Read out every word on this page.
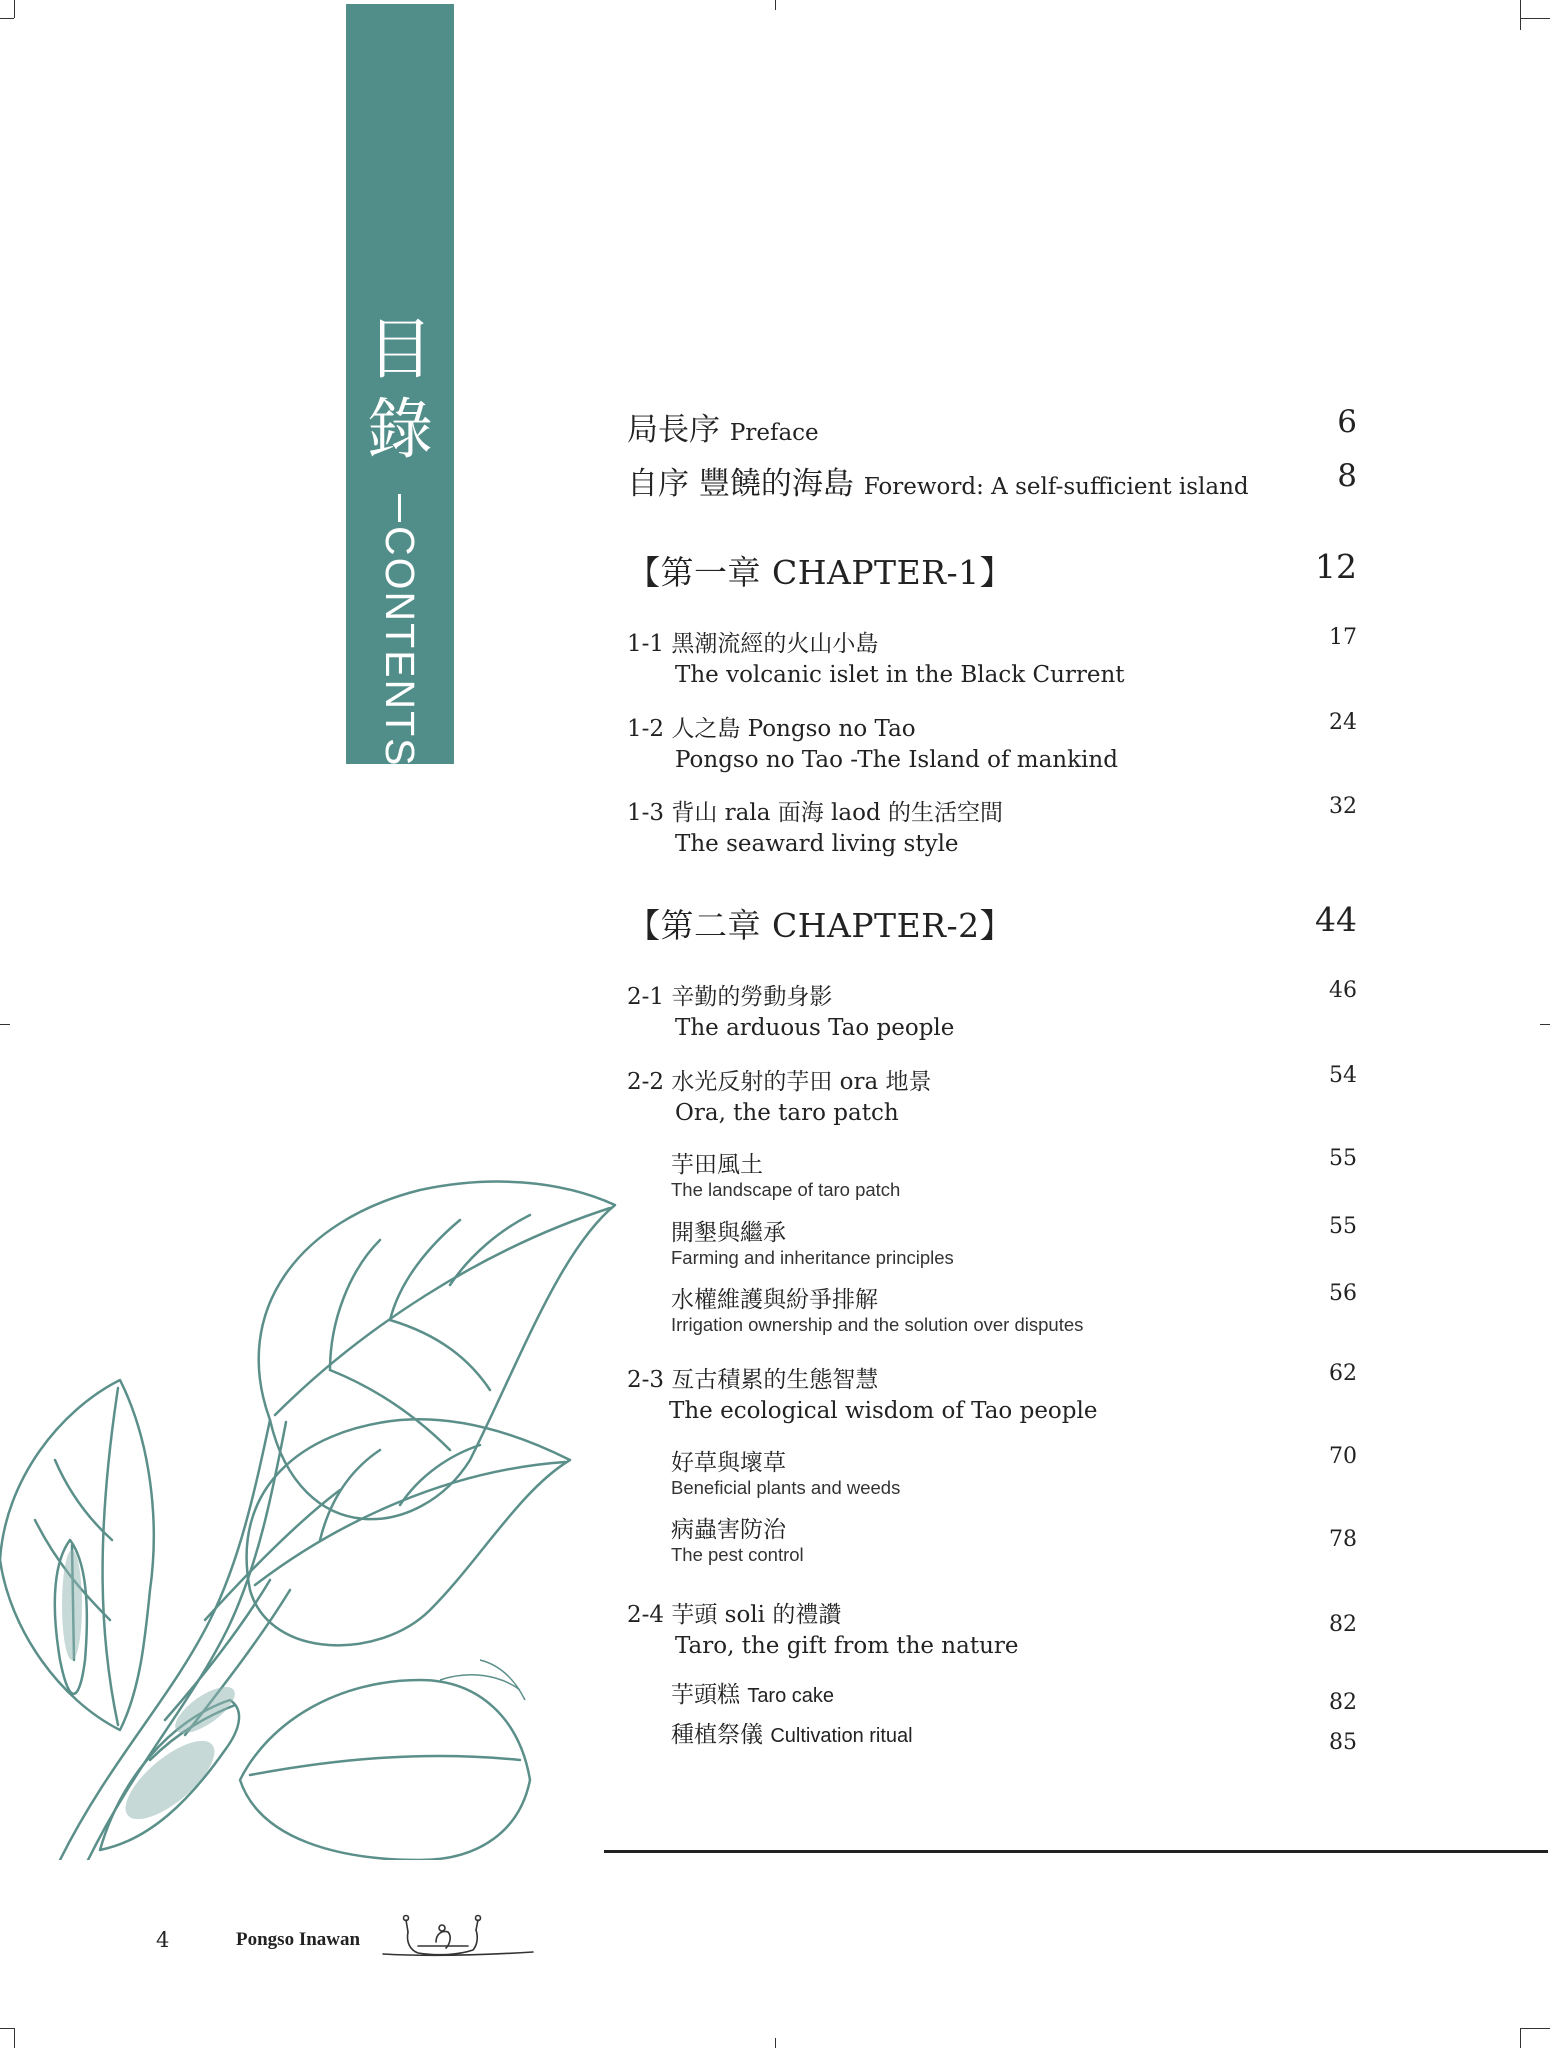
目
錄
CONTENTS
局長序 Preface	6
自序 豐饒的海島 Foreword: A self-sufficient island	8
【第一章 CHAPTER-1】	12
1-1 黑潮流經的火山小島
The volcanic islet in the Black Current
17
1-2 人之島 Pongso no Tao
Pongso no Tao -The Island of mankind
24
1-3 背山 rala 面海 laod 的生活空間
The seaward living style
32
【第二章 CHAPTER-2】	44
2-1 辛勤的勞動身影
The arduous Tao people
46
2-2 水光反射的芋田 ora 地景
Ora, the taro patch
54
芋田風土
The landscape of taro patch
55
開墾與繼承
Farming and inheritance principles
55
水權維護與紛爭排解
Irrigation ownership and the solution over disputes
56
2-3 亙古積累的生態智慧
The ecological wisdom of Tao people
62
好草與壞草
Beneficial plants and weeds
70
病蟲害防治
The pest control
78
2-4 芋頭 soli 的禮讚
Taro, the gift from the nature
82
芋頭糕 Taro cake	82
種植祭儀 Cultivation ritual	85
4	Pongso Inawan
